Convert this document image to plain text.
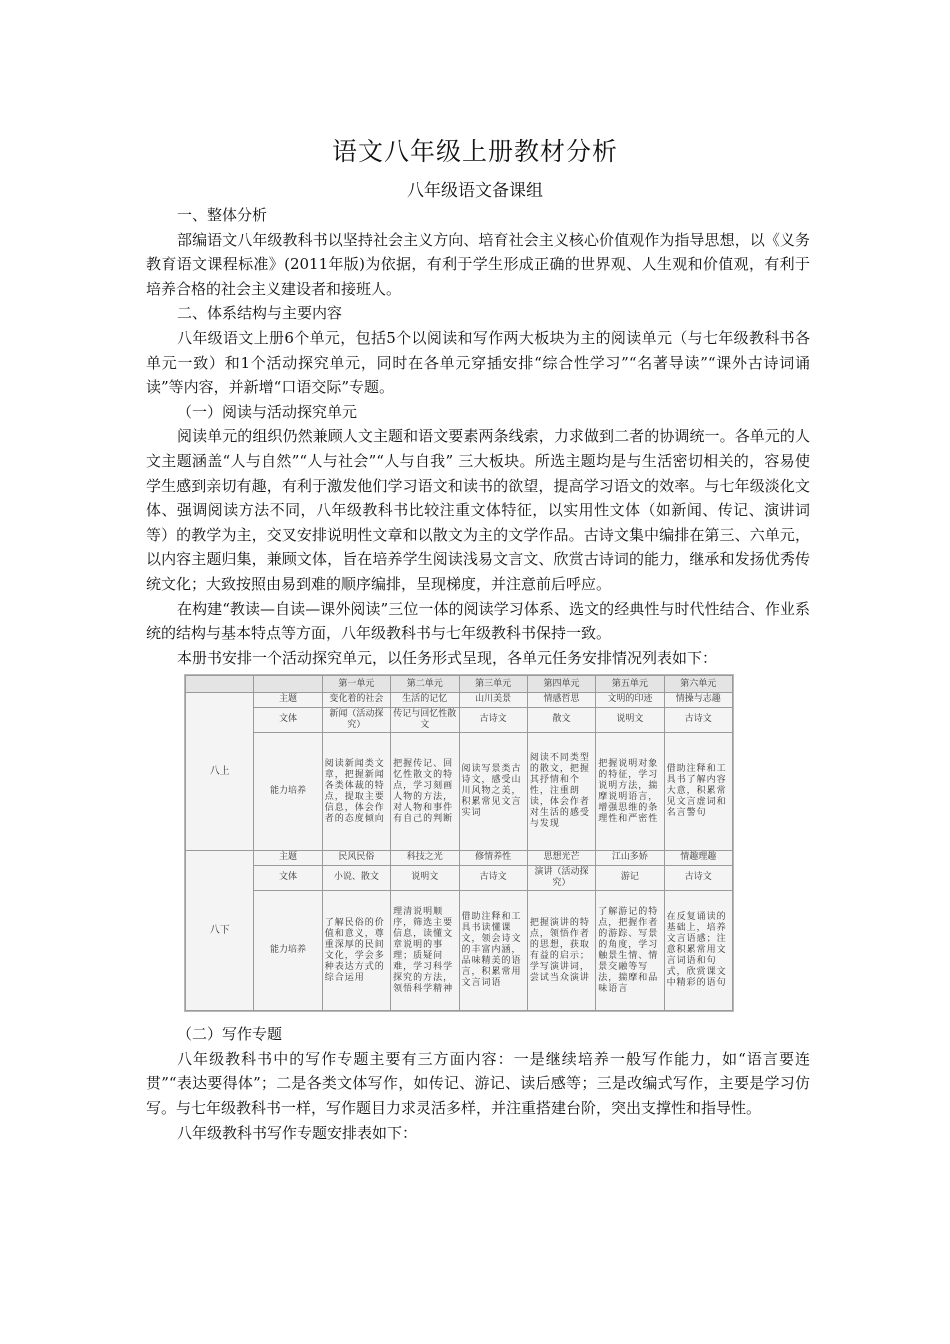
语文八年级上册教材分析
八年级语文备课组

一、整体分析

部编语文八年级教科书以坚持社会主义方向、培育社会主义核心价值观作为指导思想，以《义务教育语文课程标准》(2011年版)为依据，有利于学生形成正确的世界观、人生观和价值观，有利于培养合格的社会主义建设者和接班人。

二、体系结构与主要内容

八年级语文上册6个单元，包括5个以阅读和写作两大板块为主的阅读单元（与七年级教科书各单元一致）和1个活动探究单元，同时在各单元穿插安排“综合性学习”“名著导读”“课外古诗词诵读”等内容，并新增“口语交际”专题。

（一）阅读与活动探究单元

阅读单元的组织仍然兼顾人文主题和语文要素两条线索，力求做到二者的协调统一。各单元的人文主题涵盖“人与自然”“人与社会”“人与自我” 三大板块。所选主题均是与生活密切相关的，容易使学生感到亲切有趣，有利于激发他们学习语文和读书的欲望，提高学习语文的效率。与七年级淡化文体、强调阅读方法不同，八年级教科书比较注重文体特征，以实用性文体（如新闻、传记、演讲词等）的教学为主，交叉安排说明性文章和以散文为主的文学作品。古诗文集中编排在第三、六单元，以内容主题归集，兼顾文体，旨在培养学生阅读浅易文言文、欣赏古诗词的能力，继承和发扬优秀传统文化；大致按照由易到难的顺序编排，呈现梯度，并注意前后呼应。

在构建“教读—自读—课外阅读”三位一体的阅读学习体系、选文的经典性与时代性结合、作业系统的结构与基本特点等方面，八年级教科书与七年级教科书保持一致。

本册书安排一个活动探究单元，以任务形式呈现，各单元任务安排情况列表如下：

		第一单元	第二单元	第三单元	第四单元	第五单元	第六单元
八上	主题	变化着的社会	生活的记忆	山川美景	情感哲思	文明的印迹	情操与志趣
	文体	新闻（活动探究）	传记与回忆性散文	古诗文	散文	说明文	古诗文
	能力培养	阅读新闻类文章，把握新闻各类体裁的特点，提取主要信息，体会作者的态度倾向	把握传记、回忆性散文的特点，学习刻画人物的方法，对人物和事件有自己的判断	阅读写景类古诗文，感受山川风物之美，积累常见文言实词	阅读不同类型的散文，把握其抒情和个性，注重朗读，体会作者对生活的感受与发现	把握说明对象的特征，学习说明方法，揣摩说明语言，增强思维的条理性和严密性	借助注释和工具书了解内容大意，积累常见文言虚词和名言警句
八下	主题	民风民俗	科技之光	修情养性	思想光芒	江山多娇	情趣理趣
	文体	小说、散文	说明文	古诗文	演讲（活动探究）	游记	古诗文
	能力培养	了解民俗的价值和意义，尊重深厚的民间文化，学会多种表达方式的综合运用	理清说明顺序，筛选主要信息，读懂文章说明的事理；质疑问难，学习科学探究的方法，领悟科学精神	借助注释和工具书读懂课文，领会诗文的丰富内涵，品味精美的语言，积累常用文言词语	把握演讲的特点，领悟作者的思想，获取有益的启示；学写演讲词，尝试当众演讲	了解游记的特点，把握作者的游踪、写景的角度，学习触景生情、情景交融等写法，揣摩和品味语言	在反复诵读的基础上，培养文言语感；注意积累常用文言词语和句式，欣赏课文中精彩的语句

（二）写作专题

八年级教科书中的写作专题主要有三方面内容：一是继续培养一般写作能力，如“语言要连贯”“表达要得体”；二是各类文体写作，如传记、游记、读后感等；三是改编式写作，主要是学习仿写。与七年级教科书一样，写作题目力求灵活多样，并注重搭建台阶，突出支撑性和指导性。

八年级教科书写作专题安排表如下：
